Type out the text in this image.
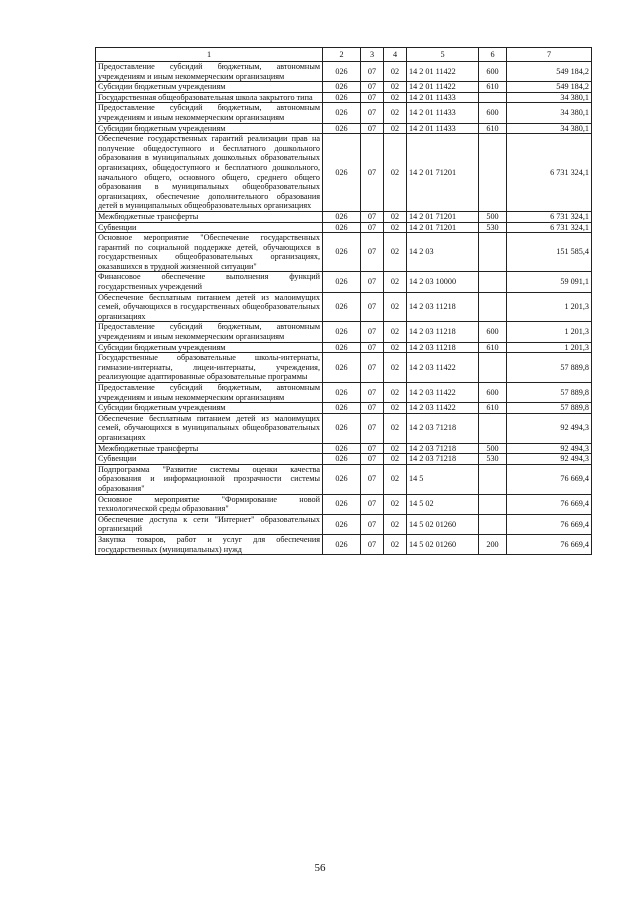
1	2	3	4	5	6	7
Предоставление субсидий бюджетным, автономным учреждениям и иным некоммерческим организациям	026	07	02	14 2 01 11422	600	549 184,2
Субсидии бюджетным учреждениям	026	07	02	14 2 01 11422	610	549 184,2
Государственная общеобразовательная школа закрытого типа	026	07	02	14 2 01 11433		34 380,1
Предоставление субсидий бюджетным, автономным учреждениям и иным некоммерческим организациям	026	07	02	14 2 01 11433	600	34 380,1
Субсидии бюджетным учреждениям	026	07	02	14 2 01 11433	610	34 380,1
Обеспечение государственных гарантий реализации прав на получение общедоступного и бесплатного дошкольного образования в муниципальных дошкольных образовательных организациях, общедоступного и бесплатного дошкольного, начального общего, основного общего, среднего общего образования в муниципальных общеобразовательных организациях, обеспечение дополнительного образования детей в муниципальных общеобразовательных организациях	026	07	02	14 2 01 71201		6 731 324,1
Межбюджетные трансферты	026	07	02	14 2 01 71201	500	6 731 324,1
Субвенции	026	07	02	14 2 01 71201	530	6 731 324,1
Основное мероприятие "Обеспечение государственных гарантий по социальной поддержке детей, обучающихся в государственных общеобразовательных организациях, оказавшихся в трудной жизненной ситуации"	026	07	02	14 2 03		151 585,4
Финансовое обеспечение выполнения функций государственных учреждений	026	07	02	14 2 03 10000		59 091,1
Обеспечение бесплатным питанием детей из малоимущих семей, обучающихся в государственных общеобразовательных организациях	026	07	02	14 2 03 11218		1 201,3
Предоставление субсидий бюджетным, автономным учреждениям и иным некоммерческим организациям	026	07	02	14 2 03 11218	600	1 201,3
Субсидии бюджетным учреждениям	026	07	02	14 2 03 11218	610	1 201,3
Государственные образовательные школы-интернаты, гимназии-интернаты, лицеи-интернаты, учреждения, реализующие адаптированные образовательные программы	026	07	02	14 2 03 11422		57 889,8
Предоставление субсидий бюджетным, автономным учреждениям и иным некоммерческим организациям	026	07	02	14 2 03 11422	600	57 889,8
Субсидии бюджетным учреждениям	026	07	02	14 2 03 11422	610	57 889,8
Обеспечение бесплатным питанием детей из малоимущих семей, обучающихся в муниципальных общеобразовательных организациях	026	07	02	14 2 03 71218		92 494,3
Межбюджетные трансферты	026	07	02	14 2 03 71218	500	92 494,3
Субвенции	026	07	02	14 2 03 71218	530	92 494,3
Подпрограмма "Развитие системы оценки качества образования и информационной прозрачности системы образования"	026	07	02	14 5		76 669,4
Основное мероприятие "Формирование новой технологической среды образования"	026	07	02	14 5 02		76 669,4
Обеспечение доступа к сети "Интернет" образовательных организаций	026	07	02	14 5 02 01260		76 669,4
Закупка товаров, работ и услуг для обеспечения государственных (муниципальных) нужд	026	07	02	14 5 02 01260	200	76 669,4
56
